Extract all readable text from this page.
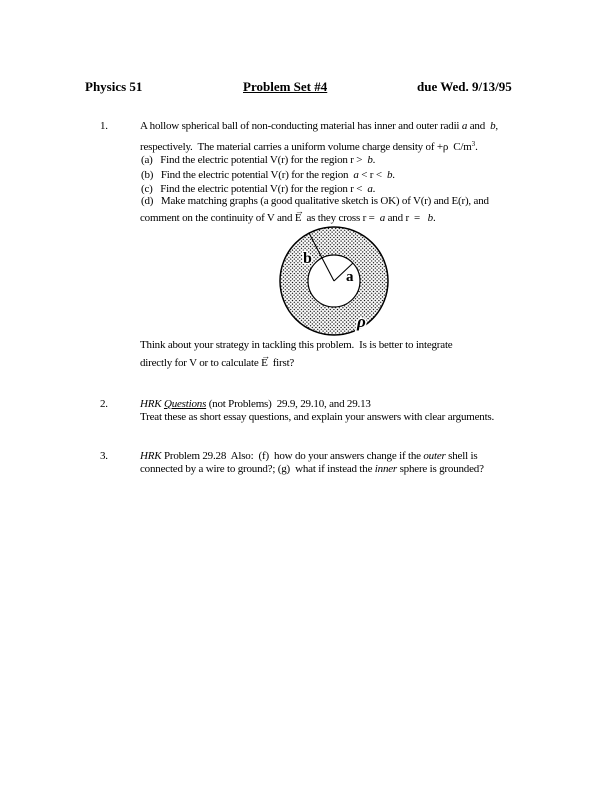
Physics 51	Problem Set #4	due Wed. 9/13/95
1.	A hollow spherical ball of non-conducting material has inner and outer radii a and  b,
respectively.  The material carries a uniform volume charge density of +ρ  $C/m^3$.
(a)   Find the electric potential V(r) for the region r >  b.
(b)   Find the electric potential V(r) for the region  a < r <  b.
(c)   Find the electric potential V(r) for the region r <  a.
(d)   Make matching graphs (a good qualitative sketch is OK) of V(r) and E(r), and
comment on the continuity of V and E →  as they cross r =  a and r  =   b.
b
a
ρ
Think about your strategy in tackling this problem.  Is is better to integrate
directly for V or to calculate E →  first?
2.	HRK Questions (not Problems)  29.9, 29.10, and 29.13
Treat these as short essay questions, and explain your answers with clear arguments.
3.	HRK Problem 29.28  Also:  (f)  how do your answers change if the outer shell is
connected by a wire to ground?; (g)  what if instead the inner sphere is grounded?
